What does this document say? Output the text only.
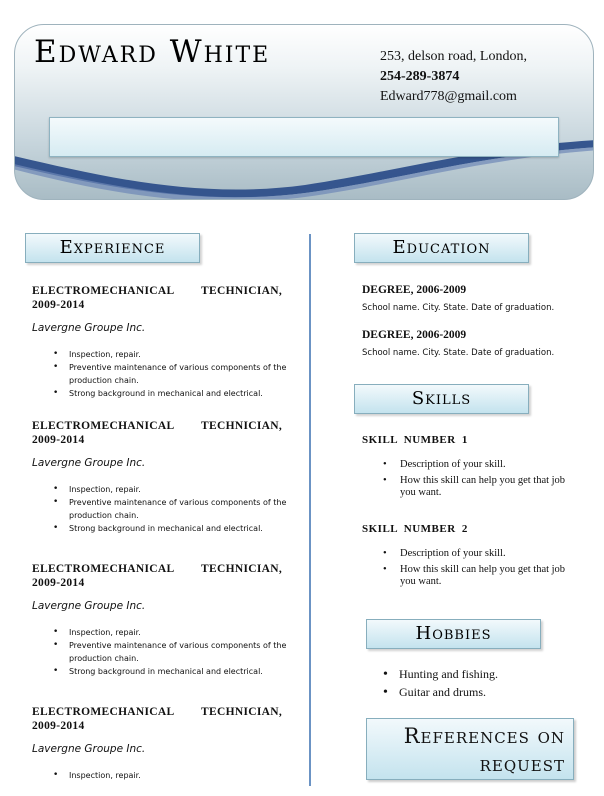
Edward White	253, delson road, London,
254-289-3874
Edward778@gmail.com
Experience	Education
Skills
Hobbies
ELECTROMECHANICAL TECHNICIAN, 2009-2014
Lavergne Groupe Inc.
• Inspection, repair.
• Preventive maintenance of various components of the production chain.
• Strong background in mechanical and electrical.
ELECTROMECHANICAL TECHNICIAN, 2009-2014
Lavergne Groupe Inc.
• Inspection, repair.
• Preventive maintenance of various components of the production chain.
• Strong background in mechanical and electrical.
ELECTROMECHANICAL TECHNICIAN, 2009-2014
Lavergne Groupe Inc.
• Inspection, repair.
• Preventive maintenance of various components of the production chain.
• Strong background in mechanical and electrical.
ELECTROMECHANICAL TECHNICIAN, 2009-2014
Lavergne Groupe Inc.
• Inspection, repair.
DEGREE, 2006-2009
School name. City. State. Date of graduation.
DEGREE, 2006-2009
School name. City. State. Date of graduation.
SKILL NUMBER 1
• Description of your skill.
• How this skill can help you get that job you want.
SKILL NUMBER 2
• Description of your skill.
• How this skill can help you get that job you want.
• Hunting and fishing.
• Guitar and drums.
References on request
